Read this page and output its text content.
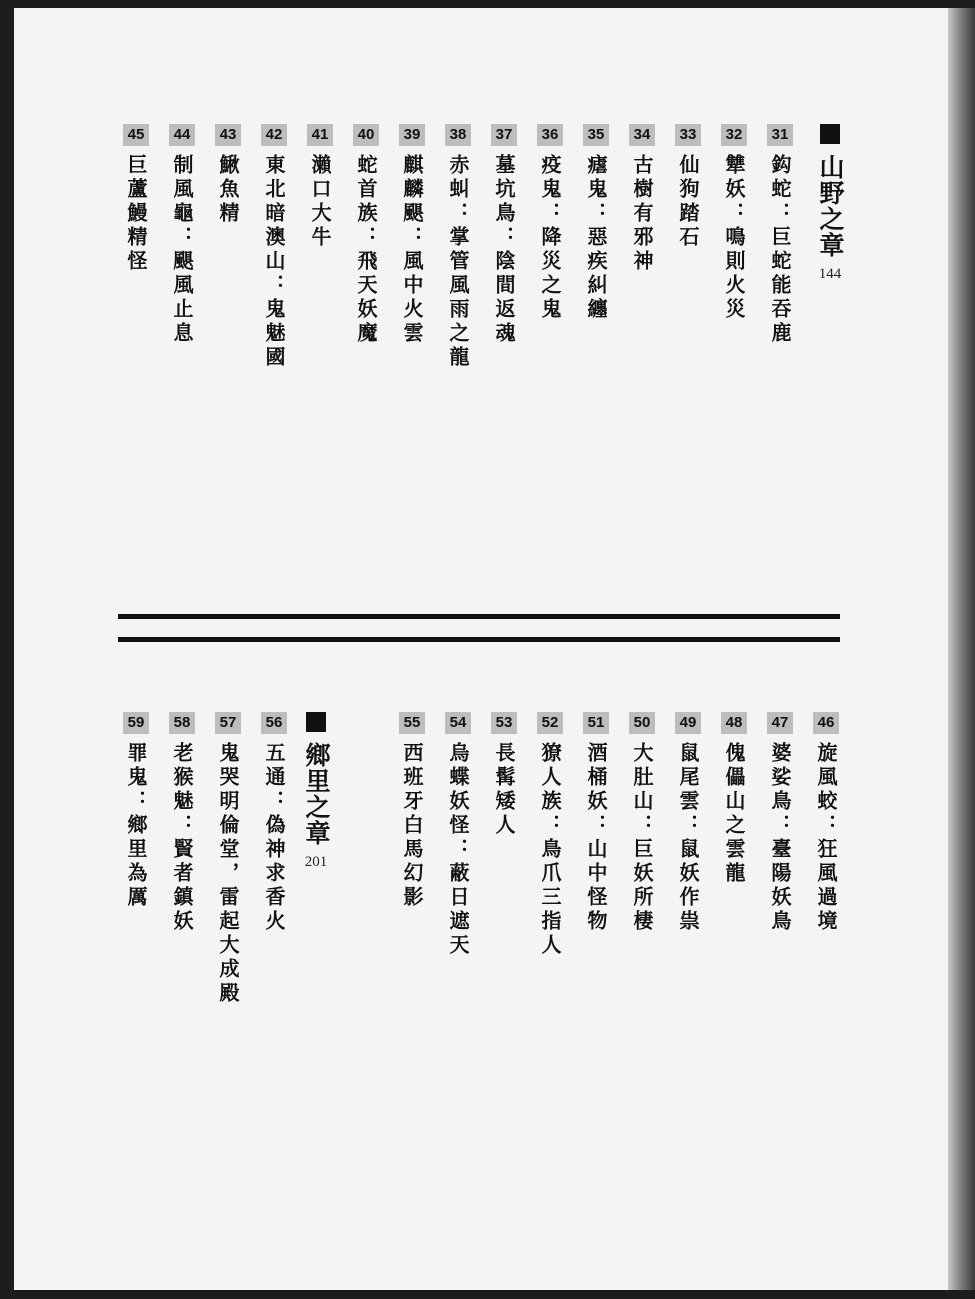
山野之章
144
31
鈎蛇：巨蛇能吞鹿
32
犨妖：鳴則火災
33
仙狗踏石
34
古樹有邪神
35
瘧鬼：惡疾糾纏
36
疫鬼：降災之鬼
37
墓坑鳥：陰間返魂
38
赤虯：掌管風雨之龍
39
麒麟颶：風中火雲
40
蛇首族：飛天妖魔
41
瀨口大牛
42
東北暗澳山：鬼魅國
43
鰍魚精
44
制風龜：颶風止息
45
巨蘆鰻精怪
46
旋風蛟：狂風過境
47
婆娑鳥：臺陽妖鳥
48
傀儡山之雲龍
49
鼠尾雲：鼠妖作祟
50
大肚山：巨妖所棲
51
酒桶妖：山中怪物
52
獠人族：鳥爪三指人
53
長髯矮人
54
烏蝶妖怪：蔽日遮天
55
西班牙白馬幻影
鄉里之章
201
56
五通：偽神求香火
57
鬼哭明倫堂，雷起大成殿
58
老猴魅：賢者鎮妖
59
罪鬼：鄉里為厲
